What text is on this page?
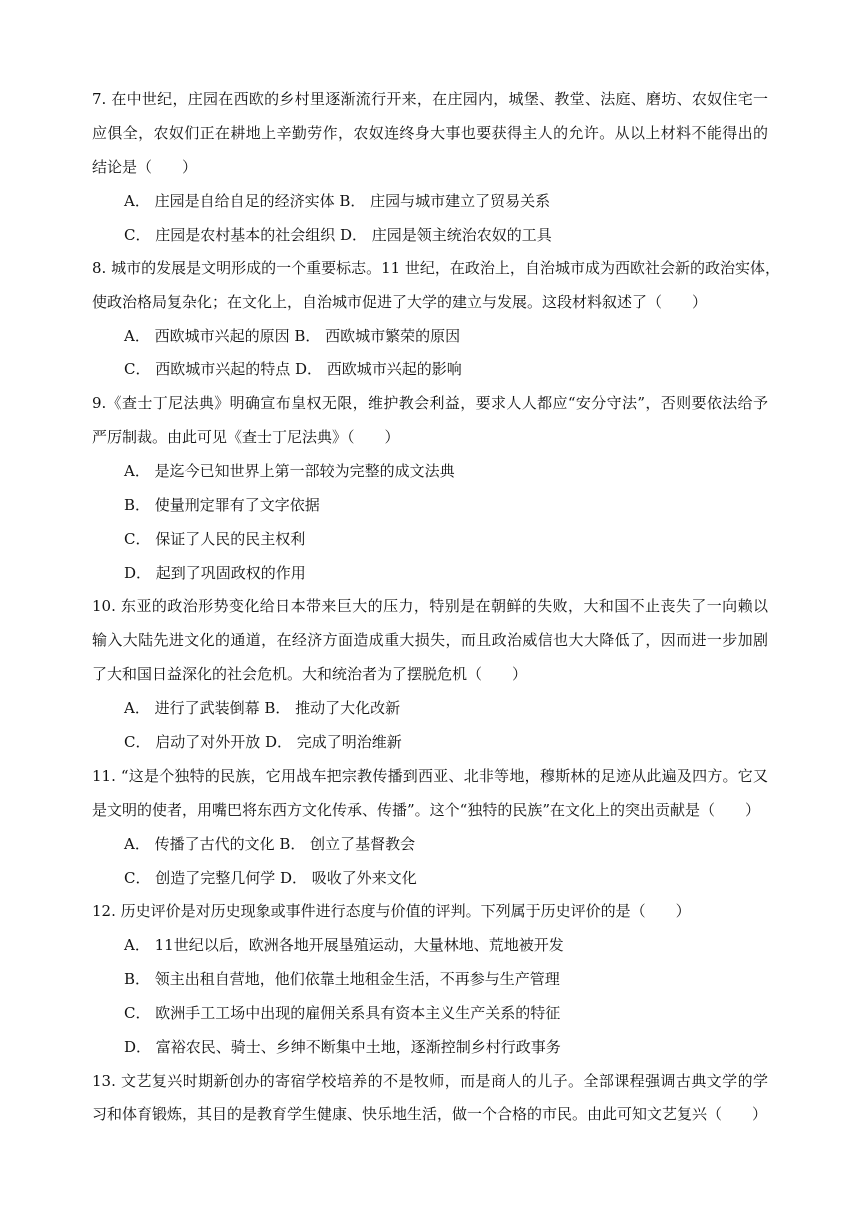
7. 在中世纪，庄园在西欧的乡村里逐渐流行开来，在庄园内，城堡、教堂、法庭、磨坊、农奴住宅一
应俱全，农奴们正在耕地上辛勤劳作，农奴连终身大事也要获得主人的允许。从以上材料不能得出的
结论是（　　）
A． 庄园是自给自足的经济实体 B． 庄园与城市建立了贸易关系
C． 庄园是农村基本的社会组织 D． 庄园是领主统治农奴的工具
8. 城市的发展是文明形成的一个重要标志。11 世纪，在政治上，自治城市成为西欧社会新的政治实体，
使政治格局复杂化；在文化上，自治城市促进了大学的建立与发展。这段材料叙述了（　　）
A． 西欧城市兴起的原因 B． 西欧城市繁荣的原因
C． 西欧城市兴起的特点 D． 西欧城市兴起的影响
9.《查士丁尼法典》明确宣布皇权无限，维护教会利益，要求人人都应“安分守法”，否则要依法给予
严厉制裁。由此可见《查士丁尼法典》（　　）
A． 是迄今已知世界上第一部较为完整的成文法典
B． 使量刑定罪有了文字依据
C． 保证了人民的民主权利
D． 起到了巩固政权的作用
10. 东亚的政治形势变化给日本带来巨大的压力，特别是在朝鲜的失败，大和国不止丧失了一向赖以
输入大陆先进文化的通道，在经济方面造成重大损失，而且政治威信也大大降低了，因而进一步加剧
了大和国日益深化的社会危机。大和统治者为了摆脱危机（　　）
A． 进行了武装倒幕 B． 推动了大化改新
C． 启动了对外开放 D． 完成了明治维新
11. “这是个独特的民族，它用战车把宗教传播到西亚、北非等地，穆斯林的足迹从此遍及四方。它又
是文明的使者，用嘴巴将东西方文化传承、传播”。这个“独特的民族”在文化上的突出贡献是（　　）
A． 传播了古代的文化 B． 创立了基督教会
C． 创造了完整几何学 D． 吸收了外来文化
12. 历史评价是对历史现象或事件进行态度与价值的评判。下列属于历史评价的是（　　）
A． 11世纪以后，欧洲各地开展垦殖运动，大量林地、荒地被开发
B． 领主出租自营地，他们依靠土地租金生活，不再参与生产管理
C． 欧洲手工工场中出现的雇佣关系具有资本主义生产关系的特征
D． 富裕农民、骑士、乡绅不断集中土地，逐渐控制乡村行政事务
13. 文艺复兴时期新创办的寄宿学校培养的不是牧师，而是商人的儿子。全部课程强调古典文学的学
习和体育锻炼，其目的是教育学生健康、快乐地生活，做一个合格的市民。由此可知文艺复兴（　　）
